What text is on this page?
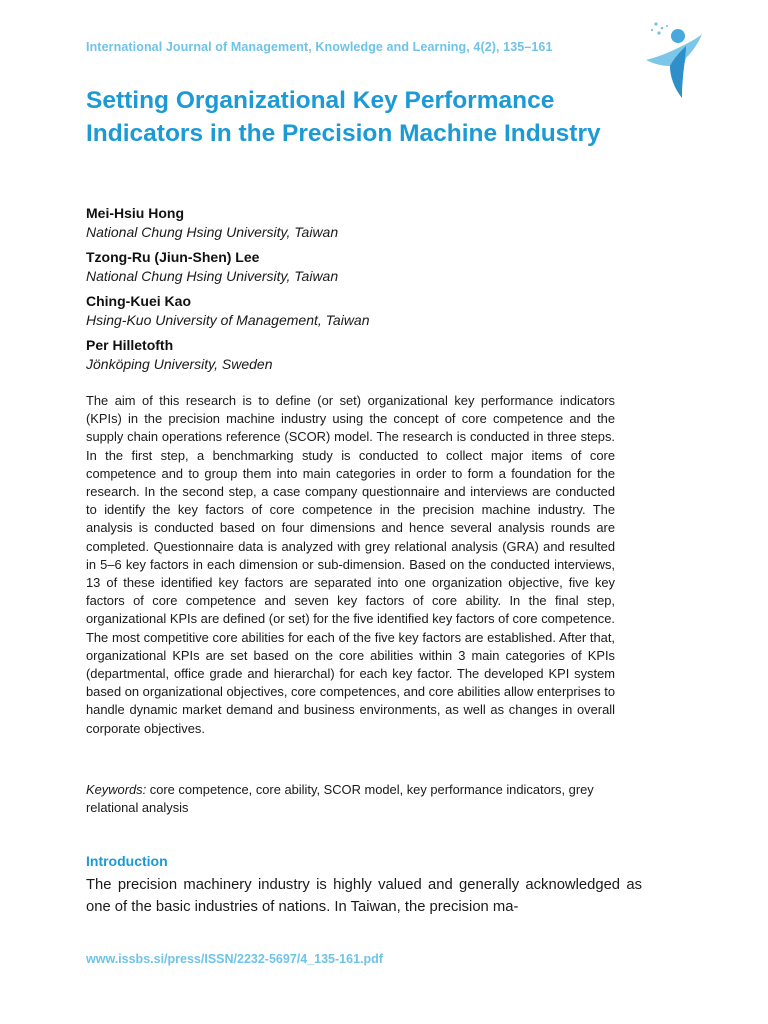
International Journal of Management, Knowledge and Learning, 4(2), 135–161
Setting Organizational Key Performance Indicators in the Precision Machine Industry
Mei-Hsiu Hong
National Chung Hsing University, Taiwan
Tzong-Ru (Jiun-Shen) Lee
National Chung Hsing University, Taiwan
Ching-Kuei Kao
Hsing-Kuo University of Management, Taiwan
Per Hilletofth
Jönköping University, Sweden

The aim of this research is to define (or set) organizational key performance indicators (KPIs) in the precision machine industry using the concept of core competence and the supply chain operations reference (SCOR) model. The research is conducted in three steps. In the first step, a benchmarking study is conducted to collect major items of core competence and to group them into main categories in order to form a foundation for the research. In the second step, a case company questionnaire and interviews are conducted to identify the key factors of core competence in the precision machine industry. The analysis is conducted based on four dimensions and hence several analysis rounds are completed. Questionnaire data is analyzed with grey relational analysis (GRA) and resulted in 5–6 key factors in each dimension or sub-dimension. Based on the conducted interviews, 13 of these identified key factors are separated into one organization objective, five key factors of core competence and seven key factors of core ability. In the final step, organizational KPIs are defined (or set) for the five identified key factors of core competence. The most competitive core abilities for each of the five key factors are established. After that, organizational KPIs are set based on the core abilities within 3 main categories of KPIs (departmental, office grade and hierarchal) for each key factor. The developed KPI system based on organizational objectives, core competences, and core abilities allow enterprises to handle dynamic market demand and business environments, as well as changes in overall corporate objectives.

Keywords: core competence, core ability, SCOR model, key performance indicators, grey relational analysis
Introduction

The precision machinery industry is highly valued and generally acknowledged as one of the basic industries of nations. In Taiwan, the precision ma-

www.issbs.si/press/ISSN/2232-5697/4_135-161.pdf
